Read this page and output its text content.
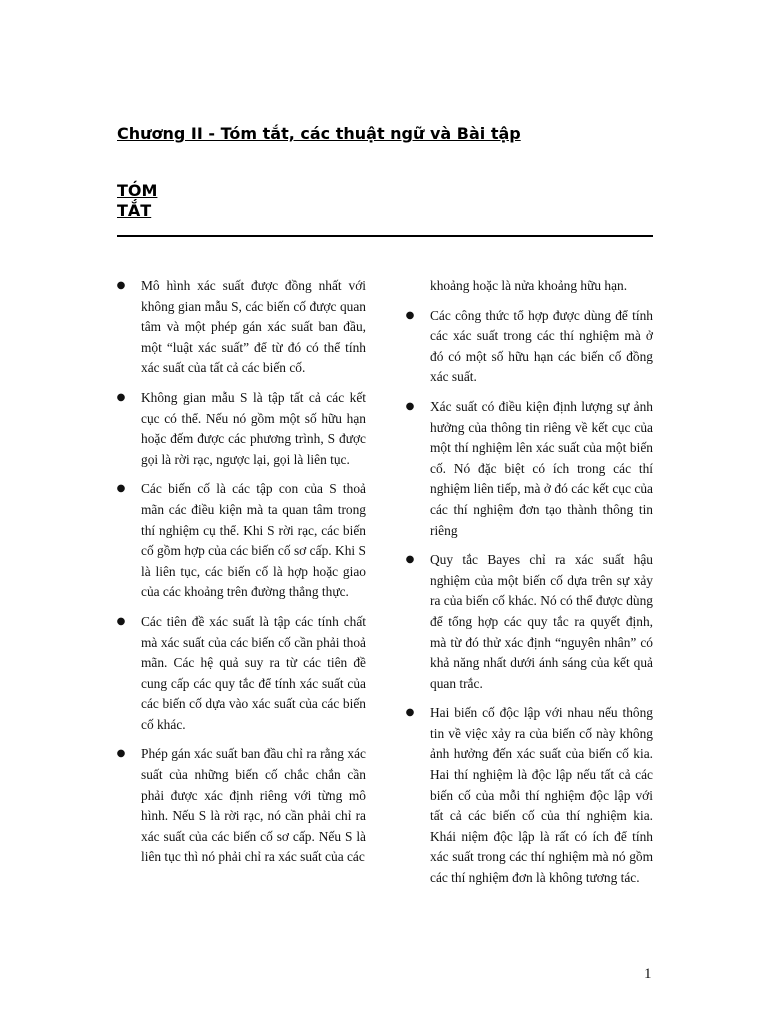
Chương II - Tóm tắt, các thuật ngữ và Bài tập
TÓM
TẮT
● Mô hình xác suất được đồng nhất với không gian mẫu S, các biến cố được quan tâm và một phép gán xác suất ban đầu, một “luật xác suất” để từ đó có thể tính xác suất của tất cả các biến cố.
● Không gian mẫu S là tập tất cả các kết cục có thể. Nếu nó gồm một số hữu hạn hoặc đếm được các phương trình, S được gọi là rời rạc, ngược lại, gọi là liên tục.
● Các biến cố là các tập con của S thoả mãn các điều kiện mà ta quan tâm trong thí nghiệm cụ thể. Khi S rời rạc, các biến cố gồm hợp của các biến cố sơ cấp. Khi S là liên tục, các biến cố là hợp hoặc giao của các khoảng trên đường thẳng thực.
● Các tiên đề xác suất là tập các tính chất mà xác suất của các biến cố cần phải thoả mãn. Các hệ quả suy ra từ các tiên đề cung cấp các quy tắc để tính xác suất của các biến cố dựa vào xác suất của các biến cố khác.
● Phép gán xác suất ban đầu chỉ ra rằng xác suất của những biến cố chắc chắn cần phải được xác định riêng với từng mô hình. Nếu S là rời rạc, nó cần phải chỉ ra xác suất của các biến cố sơ cấp. Nếu S là liên tục thì nó phải chỉ ra xác suất của các
khoảng hoặc là nửa khoảng hữu hạn.
● Các công thức tổ hợp được dùng để tính các xác suất trong các thí nghiệm mà ở đó có một số hữu hạn các biến cố đồng xác suất.
● Xác suất có điều kiện định lượng sự ảnh hưởng của thông tin riêng về kết cục của một thí nghiệm lên xác suất của một biến cố. Nó đặc biệt có ích trong các thí nghiệm liên tiếp, mà ở đó các kết cục của các thí nghiệm đơn tạo thành thông tin riêng
● Quy tắc Bayes chỉ ra xác suất hậu nghiệm của một biến cố dựa trên sự xảy ra của biến cố khác. Nó có thể được dùng để tổng hợp các quy tắc ra quyết định, mà từ đó thử xác định “nguyên nhân” có khả năng nhất dưới ánh sáng của kết quả quan trắc.
● Hai biến cố độc lập với nhau nếu thông tin về việc xảy ra của biến cố này không ảnh hưởng đến xác suất của biến cố kia. Hai thí nghiệm là độc lập nếu tất cả các biến cố của mỗi thí nghiệm độc lập với tất cả các biến cố của thí nghiệm kia. Khái niệm độc lập là rất có ích để tính xác suất trong các thí nghiệm mà nó gồm các thí nghiệm đơn là không tương tác.
1
